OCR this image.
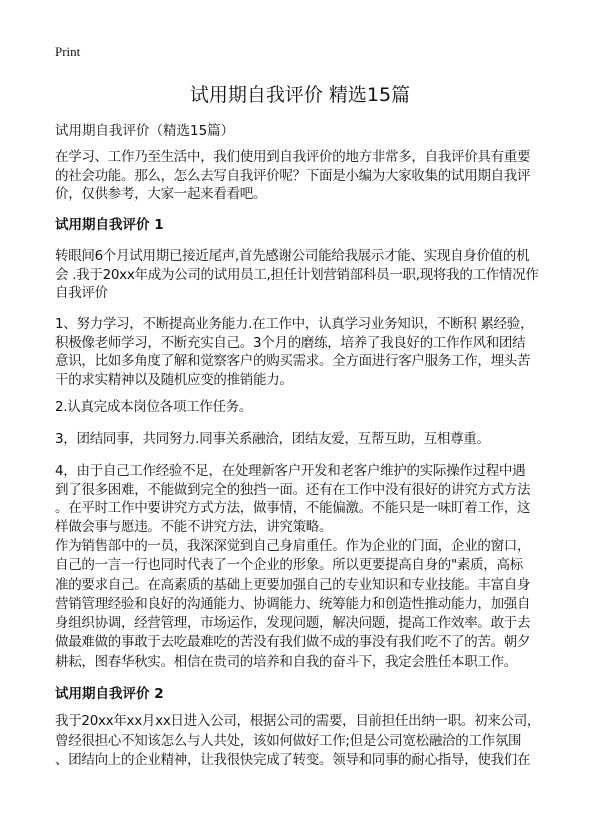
Print
试用期自我评价 精选15篇
试用期自我评价（精选15篇）
在学习、工作乃至生活中，我们使用到自我评价的地方非常多，自我评价具有重要
的社会功能。那么，怎么去写自我评价呢？下面是小编为大家收集的试用期自我评
价，仅供参考，大家一起来看看吧。
试用期自我评价 1
转眼间6个月试用期已接近尾声,首先感谢公司能给我展示才能、实现自身价值的机
会 .我于20xx年成为公司的试用员工,担任计划营销部科员一职,现将我的工作情况作
自我评价
1、努力学习，不断提高业务能力.在工作中，认真学习业务知识，不断积 累经验，
积极像老师学习，不断充实自己。3个月的磨练，培养了我良好的工作作风和团结
意识，比如多角度了解和觉察客户的购买需求。全方面进行客户服务工作，埋头苦
干的求实精神以及随机应变的推销能力。
2.认真完成本岗位各项工作任务。
3，团结同事，共同努力.同事关系融洽，团结友爱，互帮互助，互相尊重。
4，由于自己工作经验不足，在处理新客户开发和老客户维护的实际操作过程中遇
到了很多困难，不能做到完全的独挡一面。还有在工作中没有很好的讲究方式方法
。在平时工作中要讲究方式方法，做事情，不能偏激。不能只是一味盯着工作，这
样做会事与愿违。不能不讲究方法，讲究策略。
作为销售部中的一员，我深深觉到自己身肩重任。作为企业的门面，企业的窗口，
自己的一言一行也同时代表了一个企业的形象。所以更要提高自身的"素质，高标
准的要求自己。在高素质的基础上更要加强自己的专业知识和专业技能。丰富自身
营销管理经验和良好的沟通能力、协调能力、统筹能力和创造性推动能力，加强自
身组织协调，经营管理，市场运作，发现问题，解决问题，提高工作效率。敢于去
做最难做的事敢于去吃最难吃的苦没有我们做不成的事没有我们吃不了的苦。朝夕
耕耘，图春华秋实。相信在贵司的培养和自我的奋斗下，我定会胜任本职工作。
试用期自我评价 2
我于20xx年xx月xx日进入公司，根据公司的需要，目前担任出纳一职。初来公司，
曾经很担心不知该怎么与人共处，该如何做好工作;但是公司宽松融洽的工作氛围
、团结向上的企业精神，让我很快完成了转变。领导和同事的耐心指导，使我们在
